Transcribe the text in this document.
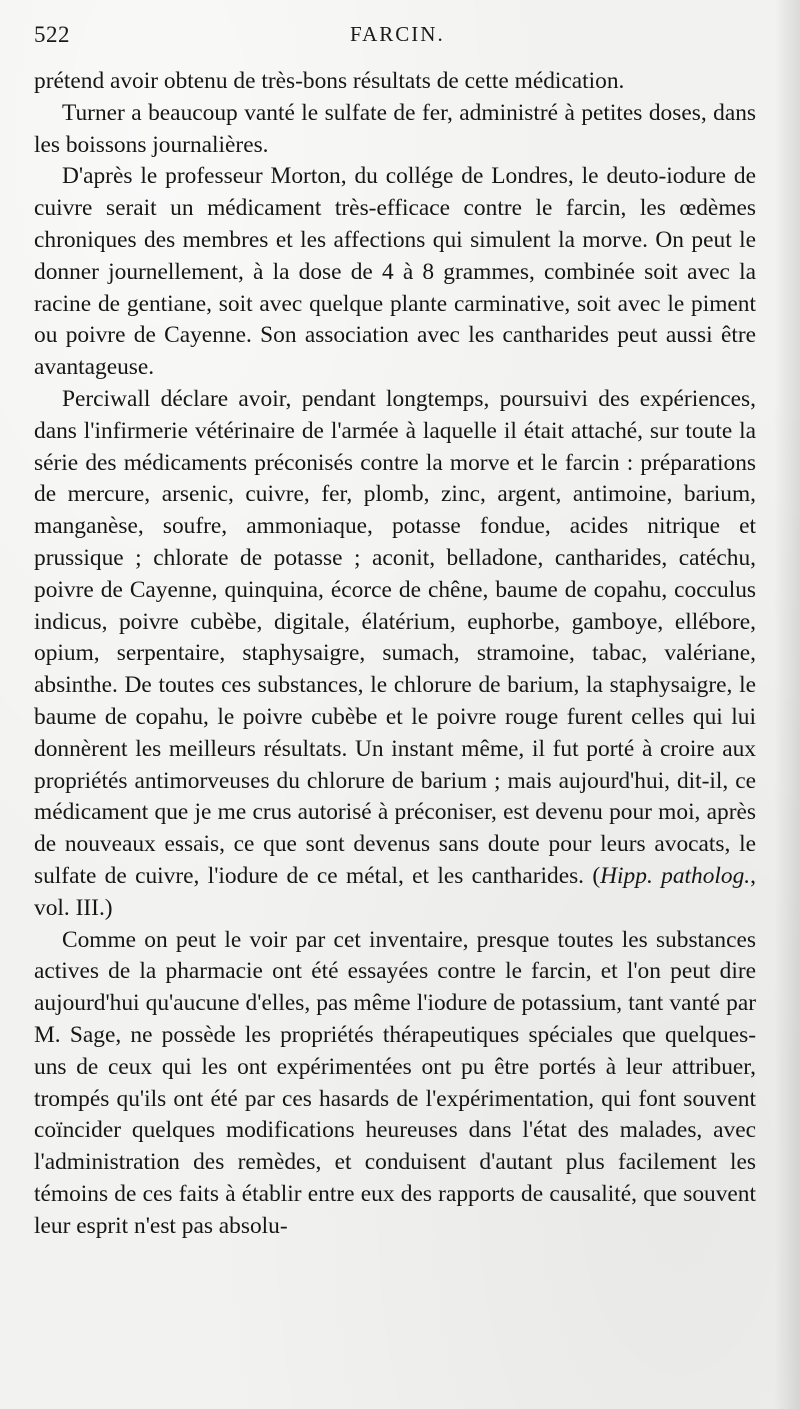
522	FARCIN.

prétend avoir obtenu de très-bons résultats de cette médication.

Turner a beaucoup vanté le sulfate de fer, administré à petites doses, dans les boissons journalières.

D'après le professeur Morton, du collége de Londres, le deuto-iodure de cuivre serait un médicament très-efficace contre le farcin, les œdèmes chroniques des membres et les affections qui simulent la morve. On peut le donner journellement, à la dose de 4 à 8 grammes, combinée soit avec la racine de gentiane, soit avec quelque plante carminative, soit avec le piment ou poivre de Cayenne. Son association avec les cantharides peut aussi être avantageuse.

Perciwall déclare avoir, pendant longtemps, poursuivi des expériences, dans l'infirmerie vétérinaire de l'armée à laquelle il était attaché, sur toute la série des médicaments préconisés contre la morve et le farcin : préparations de mercure, arsenic, cuivre, fer, plomb, zinc, argent, antimoine, barium, manganèse, soufre, ammoniaque, potasse fondue, acides nitrique et prussique ; chlorate de potasse ; aconit, belladone, cantharides, catéchu, poivre de Cayenne, quinquina, écorce de chêne, baume de copahu, cocculus indicus, poivre cubèbe, digitale, élatérium, euphorbe, gamboye, ellébore, opium, serpentaire, staphysaigre, sumach, stramoine, tabac, valériane, absinthe. De toutes ces substances, le chlorure de barium, la staphysaigre, le baume de copahu, le poivre cubèbe et le poivre rouge furent celles qui lui donnèrent les meilleurs résultats. Un instant même, il fut porté à croire aux propriétés antimorveuses du chlorure de barium ; mais aujourd'hui, dit-il, ce médicament que je me crus autorisé à préconiser, est devenu pour moi, après de nouveaux essais, ce que sont devenus sans doute pour leurs avocats, le sulfate de cuivre, l'iodure de ce métal, et les cantharides. (Hipp. patholog., vol. III.)

Comme on peut le voir par cet inventaire, presque toutes les substances actives de la pharmacie ont été essayées contre le farcin, et l'on peut dire aujourd'hui qu'aucune d'elles, pas même l'iodure de potassium, tant vanté par M. Sage, ne possède les propriétés thérapeutiques spéciales que quelques-uns de ceux qui les ont expérimentées ont pu être portés à leur attribuer, trompés qu'ils ont été par ces hasards de l'expérimentation, qui font souvent coïncider quelques modifications heureuses dans l'état des malades, avec l'administration des remèdes, et conduisent d'autant plus facilement les témoins de ces faits à établir entre eux des rapports de causalité, que souvent leur esprit n'est pas absolu-
